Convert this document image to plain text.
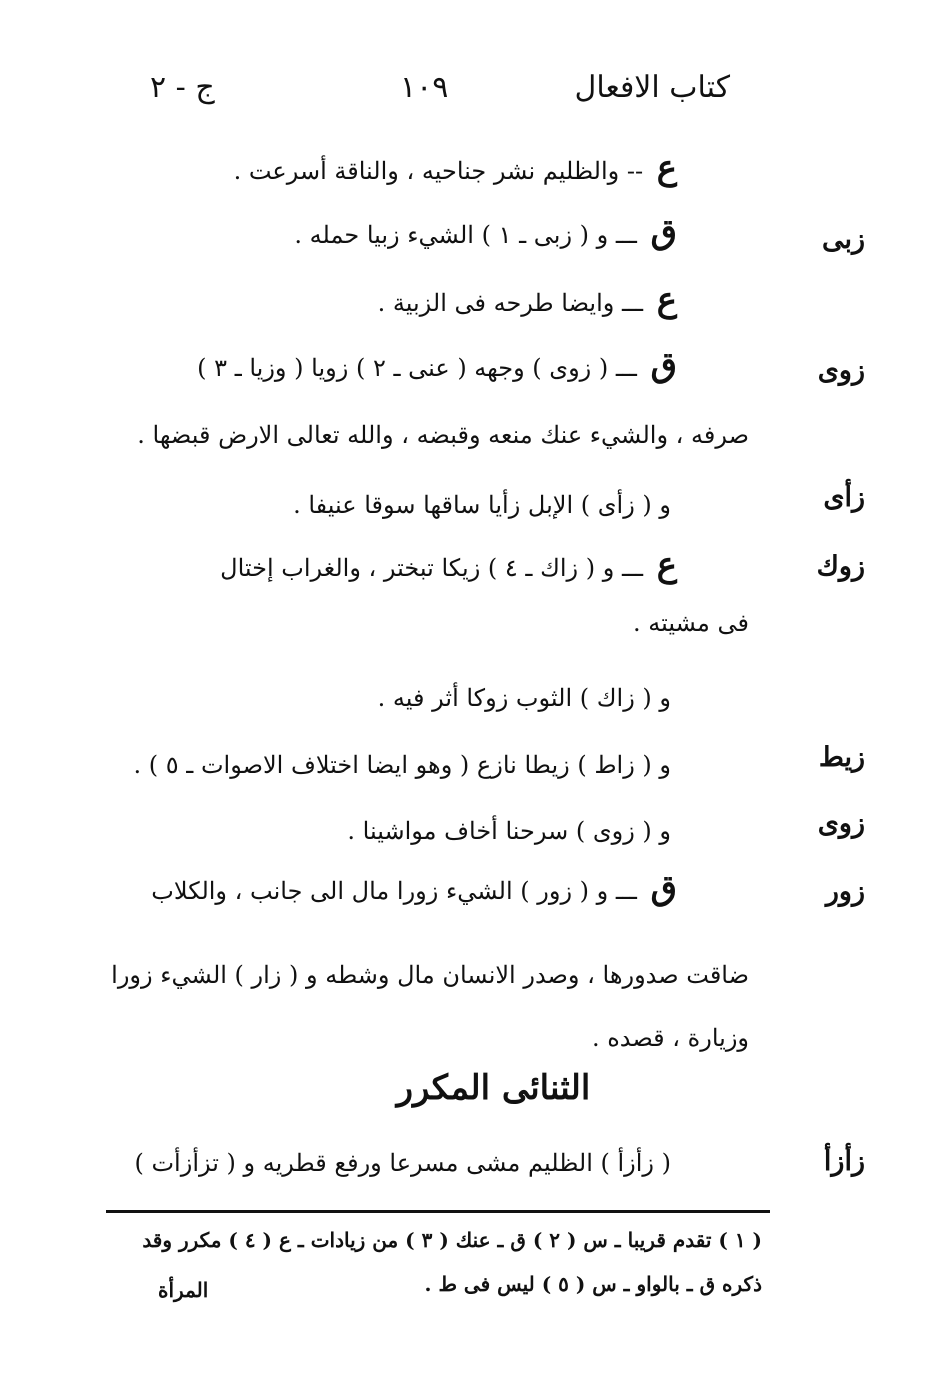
كتاب الافعال
١٠٩
ج - ٢
ع -- والظليم نشر جناحيه ، والناقة أسرعت .
زبى
ق ـــ و ( زبى ـ ١ ) الشيء زبيا حمله .
ع ـــ وايضا طرحه فى الزبية .
زوى
ق ـــ ( زوى ) وجهه ( عنى ـ ٢ ) زويا ( وزيا ـ ٣ )
صرفه ، والشيء عنك منعه وقبضه ، والله تعالى الارض قبضها .
زأى
و ( زأى ) الإبل زأيا ساقها سوقا عنيفا .
زوك
ع ـــ و ( زاك ـ ٤ ) زيكا تبختر ، والغراب إختال
فى مشيته .
و ( زاك ) الثوب زوكا أثر فيه .
زيط
و ( زاط ) زيطا نازع ( وهو ايضا اختلاف الاصوات ـ ٥ ) .
زوى
و ( زوى ) سرحنا أخاف مواشينا .
زور
ق ـــ و ( زور ) الشيء زورا مال الى جانب ، والكلاب
ضاقت صدورها ، وصدر الانسان مال وشطه و ( زار ) الشيء زورا
وزيارة ، قصده .
الثنائى المكرر
زأزأ
( زأزأ ) الظليم مشى مسرعا ورفع قطريه و ( تزأزأت )
( ١ ) تقدم قريبا ـ س ( ٢ ) ق ـ عنك ( ٣ ) من زيادات ـ ع ( ٤ ) مكرر وقد
ذكره ق ـ بالواو ـ س ( ٥ ) ليس فى ط .
المرأة
